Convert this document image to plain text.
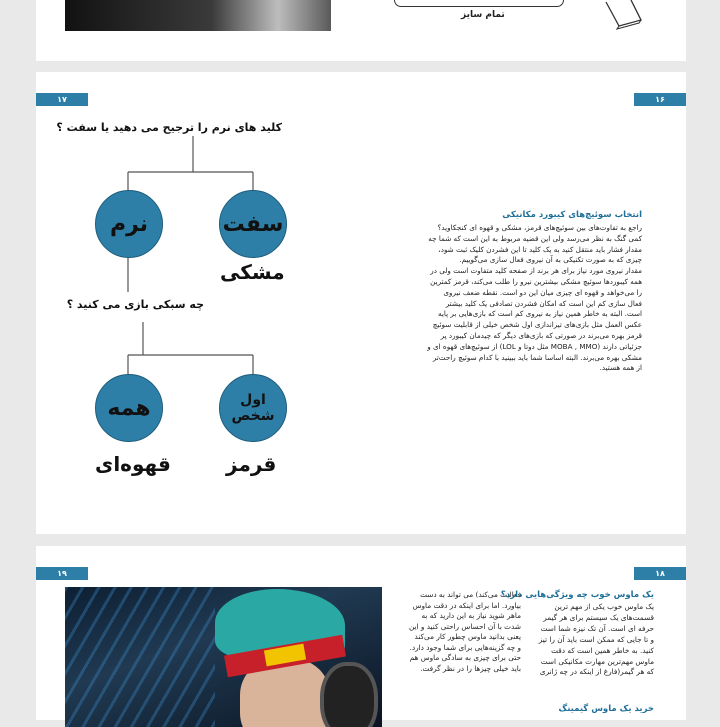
تمام سایز
۱۷	۱۶
کلید های نرم را ترجیح می دهید یا سفت ؟
نرم	سفت
مشکی
چه سبکی بازی می کنید ؟
همه	اول شخص
قهوه‌ای	قرمز
انتخاب سوئیچ‌های کیبورد مکانیکی
راجع به تفاوت‌های بین سوئیچ‌های قرمز، مشکی و قهوه ای کنجکاوید؟
کمی گنگ به نظر می‌رسد ولی این قضیه مربوط به این است که شما چه
مقدار فشار باید منتقل کنید به یک کلید تا این فشردن کلیک ثبت شود،
چیزی که به صورت تکنیکی به آن نیروی فعال سازی می‌گوییم.
مقدار نیروی مورد نیاز برای هر برند از صفحه کلید متفاوت است ولی در
همه کیبوردها سوئیچ مشکی بیشترین نیرو را طلب می‌کند، قرمز کمترین
را می‌خواهد و قهوه ای چیزی میان این دو است. نقطه ضعف نیروی
فعال سازی کم این است که امکان فشردن تصادفی یک کلید بیشتر
است. البته به خاطر همین نیاز به نیروی کم است که بازی‌هایی بر پایه
عکس العمل مثل بازی‌های تیراندازی اول شخص خیلی از قابلیت سوئیچ
قرمز بهره می‌برند در صورتی که بازی‌های دیگر که چیدمان کیبورد پر
جزئیاتی دارند (MOBA , MMO مثل دوتا و LOL) از سوئیچ‌های قهوه ای و
مشکی بهره می‌برند. البته اساسا شما باید ببینید با کدام سوئیچ راحت‌تر
از همه هستید.
۱۹	۱۸
فعالیت می‌کند) می تواند به دست
بیاورد. اما برای اینکه در دقت ماوس
ماهر شوید نیاز به این دارید که به
شدت با آن احساس راحتی کنید و این
یعنی بدانید ماوس چطور کار می‌کند
و چه گزینه‌هایی برای شما وجود دارد.
حتی برای چیزی به سادگی ماوس هم
باید خیلی چیزها را در نظر گرفت.
یک ماوس خوب چه ویژگی‌هایی دارد؟
یک ماوس خوب یکی از مهم ترین
قسمت‌های یک سیستم برای هر گیمر
حرفه ای است. آن تک نیزه شما است
و تا جایی که ممکن است باید آن را تیز
کنید. به خاطر همین است که دقت
ماوس مهم‌ترین مهارت مکانیکی است
که هر گیمر(فارغ از اینکه در چه ژانری
خرید یک ماوس گیمینگ
